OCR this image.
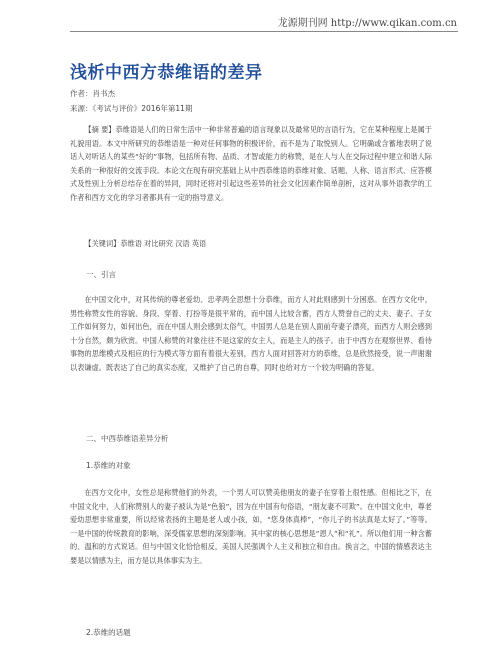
龙源期刊网 http://www.qikan.com.cn
浅析中西方恭维语的差异
作者：肖书杰
来源：《考试与评价》2016年第11期

【摘 要】恭维语是人们的日常生活中一种非常普遍的语言现象以及最常见的言语行为，它在某种程度上是属于礼貌用语。本文中所研究的恭维语是一种对任何事物的积极评价，而不是为了取悦别人。它明确或含蓄地表明了说话人对听话人的某些“好的”事物，包括所有物、品质、才智或能力的称赞，是在人与人在交际过程中建立和谐人际关系的一种很好的交流手段。本论文在现有研究基础上从中西恭维语的恭维对象、话题、人称、语言形式、应答模式及性别上分析总结存在着的异同，同时还将对引起这些差异的社会文化因素作简单剖析，这对从事外语教学的工作者和西方文化的学习者都具有一定的指导意义。

【关键词】恭维语 对比研究 汉语 英语

一、引言

在中国文化中，对其传统的尊老爱幼、忠孝两全思想十分恭维，而方人对此则感到十分困惑。在西方文化中，男性称赞女性的容貌、身段、穿着、打扮等是很平常的，而中国人比较含蓄，西方人赞誉自己的丈夫、妻子、子女工作如何努力，如何出色，而在中国人则会感到太俗气，中国男人总是在别人面前夸妻子漂亮，而西方人则会感到十分自然，颇为欣赏。中国人称赞的对象往往不是这家的女主人，而是主人的孩子。由于中西方在观察世界、看待事物的思维模式及相应的行为模式等方面有着很大差别，西方人面对回答对方的恭维，总是欣然接受，说一声谢谢以表谦虚。既表达了自己的真实态度，又维护了自己的自尊，同时也给对方一个较为明确的答复。

二、中西恭维语差异分析

1.恭维的对象

在西方文化中，女性总是称赞他们的外表，一个男人可以赞美他朋友的妻子在穿着上很性感。但相比之下，在中国文化中，人们称赞别人的妻子被认为是“色狼”，因为在中国有句俗语，“朋友妻不可欺”。在中国文化中，尊老爱幼思想非常重要，所以经常表扬的主题是老人或小孩，如，“您身体真棒”，“你儿子的书法真是太好了。”等等。一是中国的传统教育的影响，深受儒家思想的深刻影响。其中家的核心思想是“恩人”和“礼”。所以他们用一种含蓄的、温和的方式说话。但与中国文化恰恰相反，美国人民强调个人主义和独立和自由。换言之，中国的情感表达主要是以情感为主，而方是以具体事实为主。

2.恭维的话题
